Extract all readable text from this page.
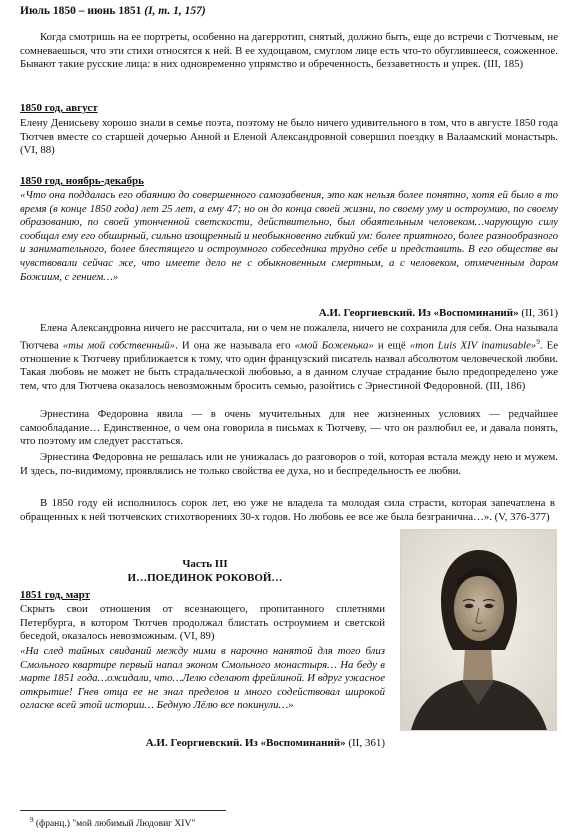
Июль 1850 – июнь 1851 (I, т. 1, 157)

Когда смотришь на ее портреты, особенно на дагерротип, снятый, должно быть, еще до встречи с Тютчевым, не сомневаешься, что эти стихи относятся к ней. В ее худощавом, смуглом лице есть что-то обуглившееся, сожженное. Бывают такие русские лица: в них одновременно упрямство и обреченность, беззаветность и упрек. (III, 185)

1850 год, август

Елену Денисьеву хорошо знали в семье поэта, поэтому не было ничего удивительного в том, что в августе 1850 года Тютчев вместе со старшей дочерью Анной и Еленой Александровной совершил поездку в Валаамский монастырь. (VI, 88)

1850 год, ноябрь-декабрь

«Что она поддалась его обаянию до совершенного самозабвения, это как нельзя более понятно, хотя ей было в то время (в конце 1850 года) лет 25 лет, а ему 47; но он до конца своей жизни, по своему уму и остроумию, по своему образованию, по своей утонченной светскости, действительно, был обаятельным человеком…чарующую силу сообщал ему его обширный, сильно изощренный и необыкновенно гибкий ум: более приятного, более разнообразного и занимательного, более блестящего и остроумного собеседника трудно себе и представить. В его обществе вы чувствовали сейчас же, что имеете дело не с обыкновенным смертным, а с человеком, отмеченным даром Божиим, с гением…»

А.И. Георгиевский. Из «Воспоминаний» (II, 361)

Елена Александровна ничего не рассчитала, ни о чем не пожалела, ничего не сохранила для себя. Она называла Тютчева «ты мой собственный». И она же называла его «мой Боженька» и ещё «mon Luis XIV inamusable»$^9$. Ее отношение к Тютчеву приближается к тому, что один французский писатель назвал абсолютом человеческой любви. Такая любовь не может не быть страдальческой любовью, а в данном случае страдание было предопределено уже тем, что для Тютчева оказалось невозможным бросить семью, разойтись с Эрнестиной Федоровной. (III, 186)

Эрнестина Федоровна явила — в очень мучительных для нее жизненных условиях — редчайшее самообладание… Единственное, о чем она говорила в письмах к Тютчеву, — что он разлюбил ее, и давала понять, что поэтому им следует расстаться.

Эрнестина Федоровна не решалась или не унижалась до разговоров о той, которая встала между нею и мужем. И здесь, по-видимому, проявлялись не только свойства ее духа, но и беспредельность ее любви.

В 1850 году ей исполнилось сорок лет, ею уже не владела та молодая сила страсти, которая запечатлена в обращенных к ней тютчевских стихотворениях 30-х годов. Но любовь ее все же была безгранична…». (V, 376-377)

Часть III
И…ПОЕДИНОК РОКОВОЙ…
1851 год, март

Скрыть свои отношения от всезнающего, пропитанного сплетнями Петербурга, в котором Тютчев продолжал блистать остроумием и светской беседой, оказалось невозможным. (VI, 89)

«На след тайных свиданий между ними в нарочно нанятой для того близ Смольного квартире первый напал эконом Смольного монастыря… На беду в марте 1851 года…ожидали, что…Лелю сделают фрейлиной. И вдруг ужасное открытие! Гнев отца ее не знал пределов и много содействовал широкой огласке всей этой истории… Бедную Лёлю все покинули…»

А.И. Георгиевский. Из «Воспоминаний» (II, 361)
$^9$ (франц.) "мой любимый Людовиг XIV"
